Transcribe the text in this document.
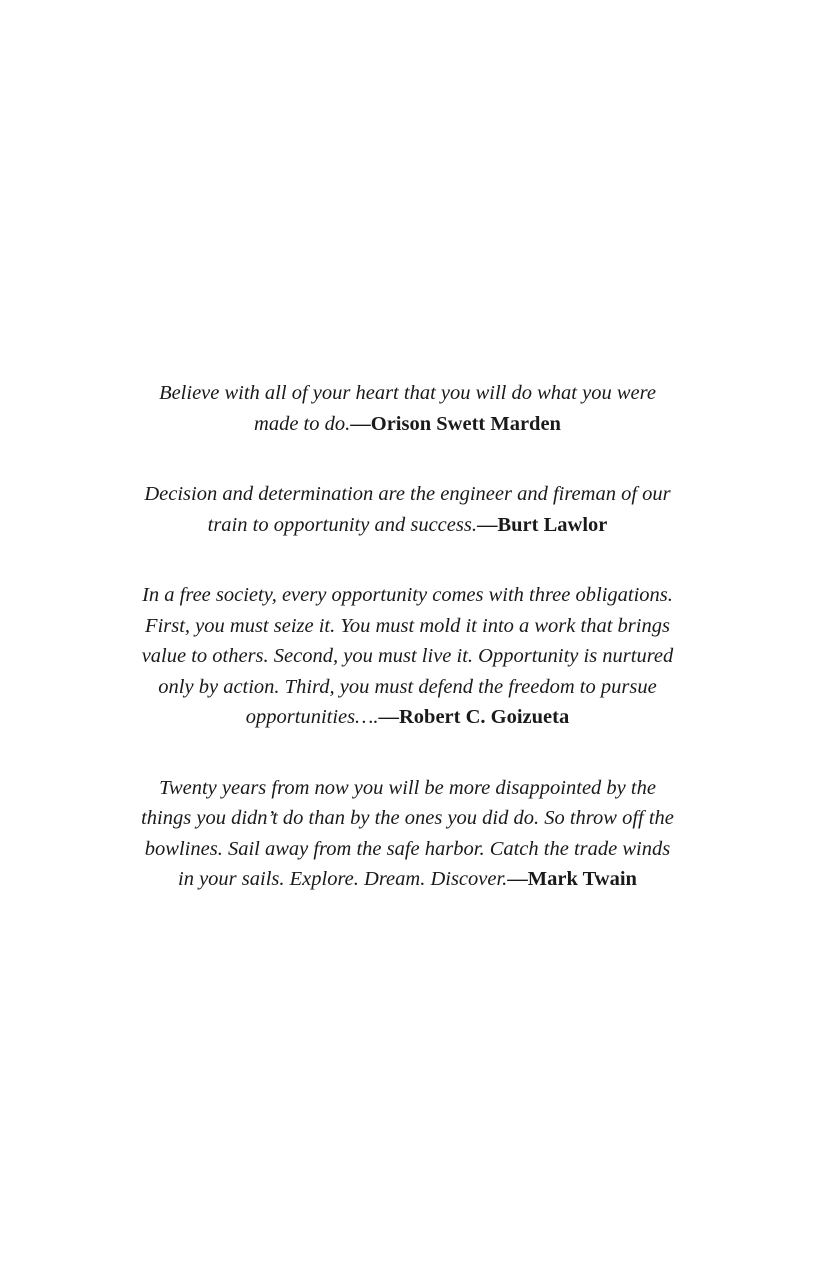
Believe with all of your heart that you will do what you were
made to do.—Orison Swett Marden

Decision and determination are the engineer and fireman of our
train to opportunity and success.—Burt Lawlor

In a free society, every opportunity comes with three obligations.
First, you must seize it. You must mold it into a work that brings
value to others. Second, you must live it. Opportunity is nurtured
only by action. Third, you must defend the freedom to pursue
opportunities….—Robert C. Goizueta

Twenty years from now you will be more disappointed by the
things you didn’t do than by the ones you did do. So throw off the
bowlines. Sail away from the safe harbor. Catch the trade winds
in your sails. Explore. Dream. Discover.—Mark Twain
